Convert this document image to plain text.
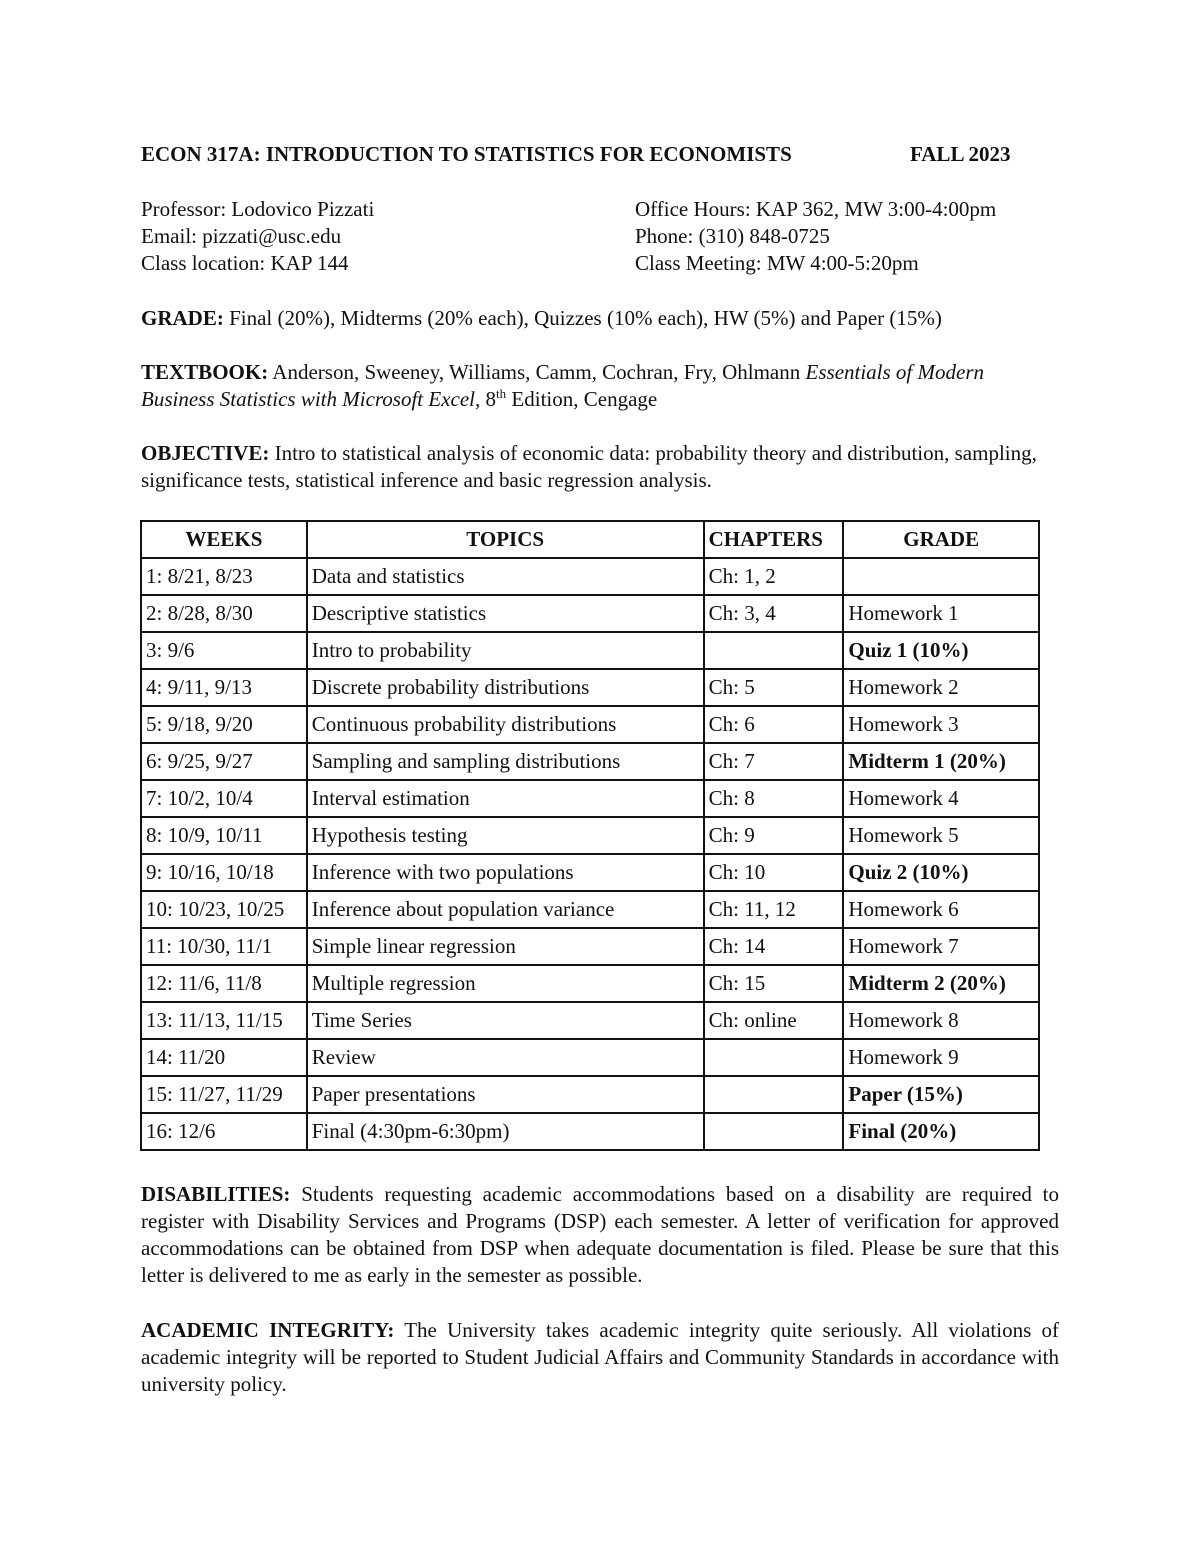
ECON 317A: INTRODUCTION TO STATISTICS FOR ECONOMISTS	FALL 2023
Professor: Lodovico Pizzati
Email: pizzati@usc.edu
Class location: KAP 144
Office Hours: KAP 362, MW 3:00-4:00pm
Phone: (310) 848-0725
Class Meeting: MW 4:00-5:20pm
GRADE: Final (20%), Midterms (20% each), Quizzes (10% each), HW (5%) and Paper (15%)
TEXTBOOK: Anderson, Sweeney, Williams, Camm, Cochran, Fry, Ohlmann Essentials of Modern Business Statistics with Microsoft Excel, 8th Edition, Cengage
OBJECTIVE: Intro to statistical analysis of economic data: probability theory and distribution, sampling, significance tests, statistical inference and basic regression analysis.
WEEKS	TOPICS	CHAPTERS	GRADE
1: 8/21, 8/23	Data and statistics	Ch: 1, 2	
2: 8/28, 8/30	Descriptive statistics	Ch: 3, 4	Homework 1
3: 9/6	Intro to probability		Quiz 1 (10%)
4: 9/11, 9/13	Discrete probability distributions	Ch: 5	Homework 2
5: 9/18, 9/20	Continuous probability distributions	Ch: 6	Homework 3
6: 9/25, 9/27	Sampling and sampling distributions	Ch: 7	Midterm 1 (20%)
7: 10/2, 10/4	Interval estimation	Ch: 8	Homework 4
8: 10/9, 10/11	Hypothesis testing	Ch: 9	Homework 5
9: 10/16, 10/18	Inference with two populations	Ch: 10	Quiz 2 (10%)
10: 10/23, 10/25	Inference about population variance	Ch: 11, 12	Homework 6
11: 10/30, 11/1	Simple linear regression	Ch: 14	Homework 7
12: 11/6, 11/8	Multiple regression	Ch: 15	Midterm 2 (20%)
13: 11/13, 11/15	Time Series	Ch: online	Homework 8
14: 11/20	Review		Homework 9
15: 11/27, 11/29	Paper presentations		Paper (15%)
16: 12/6	Final (4:30pm-6:30pm)		Final (20%)
DISABILITIES: Students requesting academic accommodations based on a disability are required to register with Disability Services and Programs (DSP) each semester. A letter of verification for approved accommodations can be obtained from DSP when adequate documentation is filed. Please be sure that this letter is delivered to me as early in the semester as possible.
ACADEMIC INTEGRITY: The University takes academic integrity quite seriously. All violations of academic integrity will be reported to Student Judicial Affairs and Community Standards in accordance with university policy.
